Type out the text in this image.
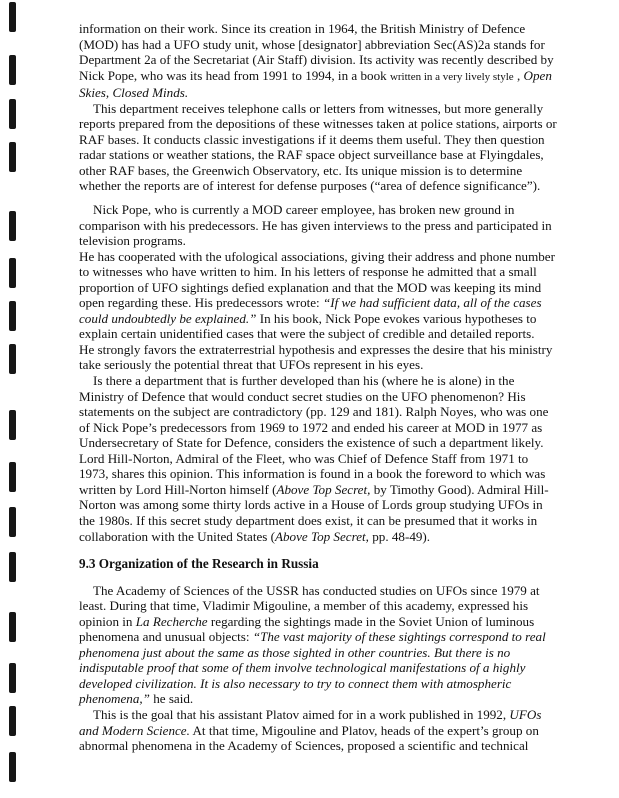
information on their work. Since its creation in 1964, the British Ministry of Defence (MOD) has had a UFO study unit, whose [designator] abbreviation Sec(AS)2a stands for Department 2a of the Secretariat (Air Staff) division. Its activity was recently described by Nick Pope, who was its head from 1991 to 1994, in a book written in a very lively style , Open Skies, Closed Minds.

This department receives telephone calls or letters from witnesses, but more generally reports prepared from the depositions of these witnesses taken at police stations, airports or RAF bases. It conducts classic investigations if it deems them useful. They then question radar stations or weather stations, the RAF space object surveillance base at Flyingdales, other RAF bases, the Greenwich Observatory, etc. Its unique mission is to determine whether the reports are of interest for defense purposes (“area of defence significance”).

Nick Pope, who is currently a MOD career employee, has broken new ground in comparison with his predecessors. He has given interviews to the press and participated in television programs.

He has cooperated with the ufological associations, giving their address and phone number to witnesses who have written to him. In his letters of response he admitted that a small proportion of UFO sightings defied explanation and that the MOD was keeping its mind open regarding these. His predecessors wrote: “If we had sufficient data, all of the cases could undoubtedly be explained.” In his book, Nick Pope evokes various hypotheses to explain certain unidentified cases that were the subject of credible and detailed reports.

He strongly favors the extraterrestrial hypothesis and expresses the desire that his ministry take seriously the potential threat that UFOs represent in his eyes.

Is there a department that is further developed than his (where he is alone) in the Ministry of Defence that would conduct secret studies on the UFO phenomenon? His statements on the subject are contradictory (pp. 129 and 181). Ralph Noyes, who was one of Nick Pope’s predecessors from 1969 to 1972 and ended his career at MOD in 1977 as Undersecretary of State for Defence, considers the existence of such a department likely. Lord Hill-Norton, Admiral of the Fleet, who was Chief of Defence Staff from 1971 to 1973, shares this opinion. This information is found in a book the foreword to which was written by Lord Hill-Norton himself (Above Top Secret, by Timothy Good). Admiral Hill-Norton was among some thirty lords active in a House of Lords group studying UFOs in the 1980s. If this secret study department does exist, it can be presumed that it works in collaboration with the United States (Above Top Secret, pp. 48-49).

9.3 Organization of the Research in Russia

The Academy of Sciences of the USSR has conducted studies on UFOs since 1979 at least. During that time, Vladimir Migouline, a member of this academy, expressed his opinion in La Recherche regarding the sightings made in the Soviet Union of luminous phenomena and unusual objects: “The vast majority of these sightings correspond to real phenomena just about the same as those sighted in other countries. But there is no indisputable proof that some of them involve technological manifestations of a highly developed civilization. It is also necessary to try to connect them with atmospheric phenomena,” he said.

This is the goal that his assistant Platov aimed for in a work published in 1992, UFOs and Modern Science. At that time, Migouline and Platov, heads of the expert’s group on abnormal phenomena in the Academy of Sciences, proposed a scientific and technical
